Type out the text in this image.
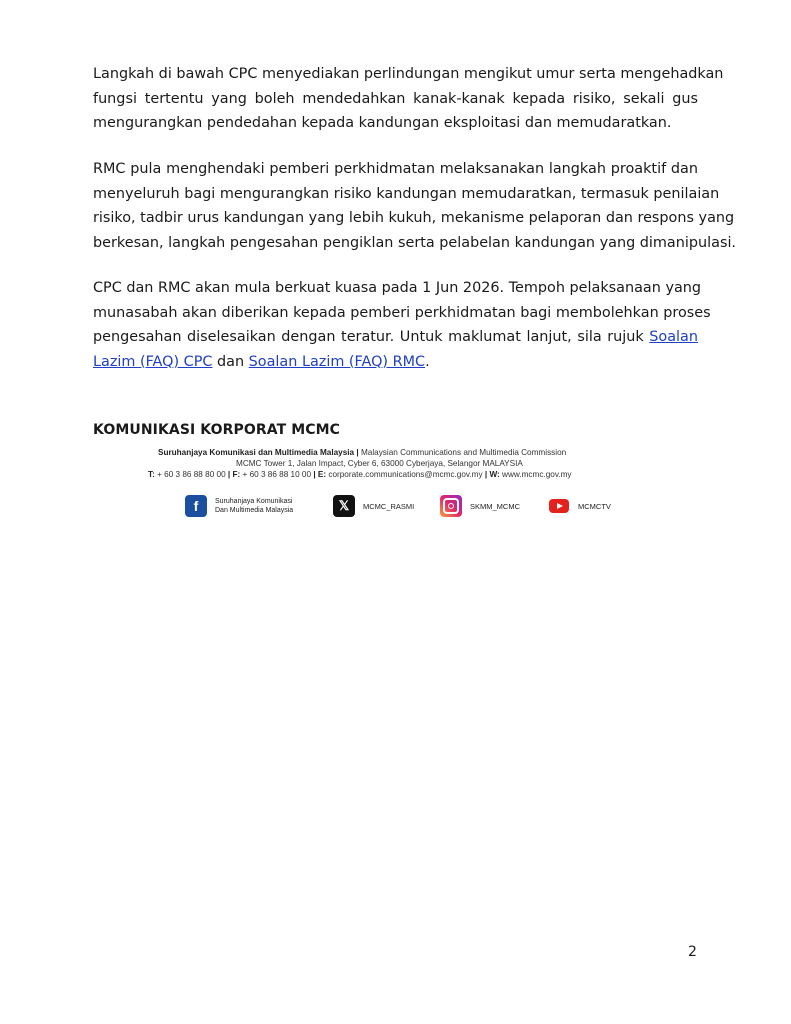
Langkah di bawah CPC menyediakan perlindungan mengikut umur serta mengehadkan
fungsi tertentu yang boleh mendedahkan kanak-kanak kepada risiko, sekali gus
mengurangkan pendedahan kepada kandungan eksploitasi dan memudaratkan.
RMC pula menghendaki pemberi perkhidmatan melaksanakan langkah proaktif dan
menyeluruh bagi mengurangkan risiko kandungan memudaratkan, termasuk penilaian
risiko, tadbir urus kandungan yang lebih kukuh, mekanisme pelaporan dan respons yang
berkesan, langkah pengesahan pengiklan serta pelabelan kandungan yang dimanipulasi.
CPC dan RMC akan mula berkuat kuasa pada 1 Jun 2026. Tempoh pelaksanaan yang
munasabah akan diberikan kepada pemberi perkhidmatan bagi membolehkan proses
pengesahan diselesaikan dengan teratur. Untuk maklumat lanjut, sila rujuk Soalan
Lazim (FAQ) CPC dan Soalan Lazim (FAQ) RMC.
KOMUNIKASI KORPORAT MCMC
Suruhanjaya Komunikasi dan Multimedia Malaysia | Malaysian Communications and Multimedia Commission
MCMC Tower 1, Jalan Impact, Cyber 6, 63000 Cyberjaya, Selangor MALAYSIA
T: + 60 3 86 88 80 00 | F: + 60 3 86 88 10 00 | E: corporate.communications@mcmc.gov.my | W: www.mcmc.gov.my
f	Suruhanjaya Komunikasi
Dan Multimedia Malaysia	𝕏	MCMC_RASMI	SKMM_MCMC	MCMCTV
2
